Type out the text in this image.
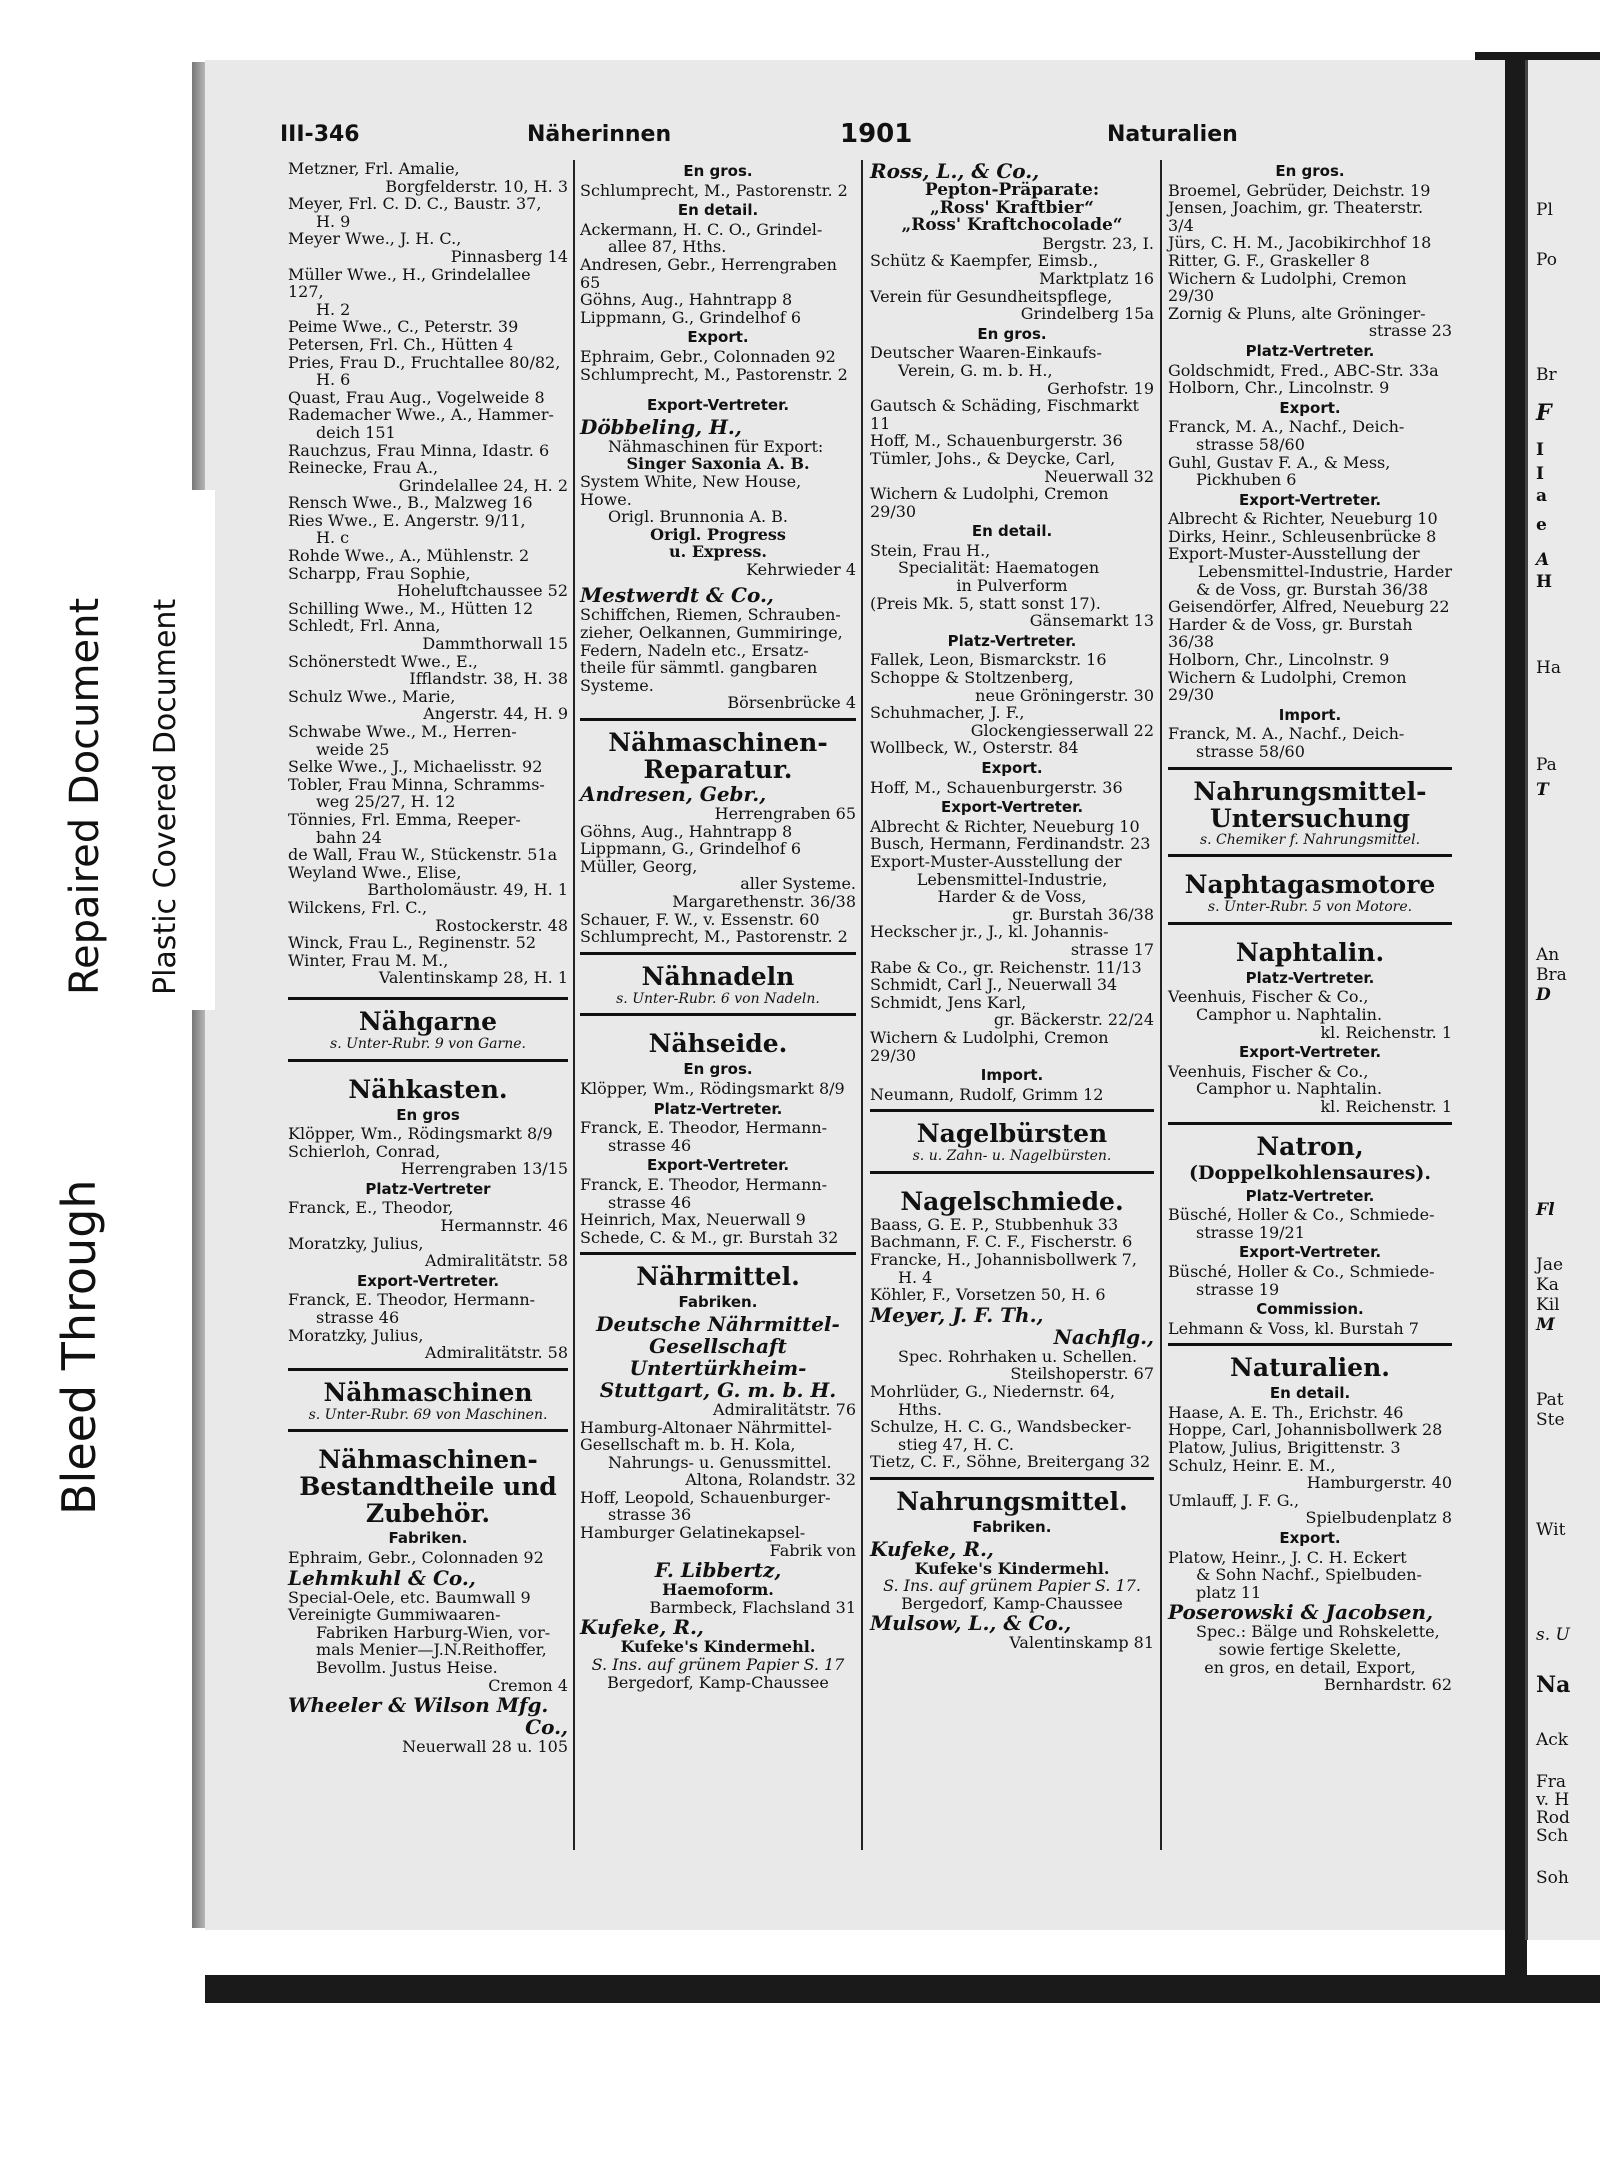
Pl
Po
Br
F
I
I
a
e
A
H
Ha
Pa
T
An
Bra
D
Fl
Jae
Ka
Kil
M
Pat
Ste
Wit
s. U
Na
Ack
Fra
v. H
Rod
Sch
Soh
III-346	Näherinnen	1901	Naturalien
Bleed Through
Repaired Document Plastic Covered Document
Metzner, Frl. Amalie,
Borgfelderstr. 10, H. 3
Meyer, Frl. C. D. C., Baustr. 37,
H. 9
Meyer Wwe., J. H. C.,
Pinnasberg 14
Müller Wwe., H., Grindelallee 127,
H. 2
Peime Wwe., C., Peterstr. 39
Petersen, Frl. Ch., Hütten 4
Pries, Frau D., Fruchtallee 80/82,
H. 6
Quast, Frau Aug., Vogelweide 8
Rademacher Wwe., A., Hammer-
deich 151
Rauchzus, Frau Minna, Idastr. 6
Reinecke, Frau A.,
Grindelallee 24, H. 2
Rensch Wwe., B., Malzweg 16
Ries Wwe., E. Angerstr. 9/11,
H. c
Rohde Wwe., A., Mühlenstr. 2
Scharpp, Frau Sophie,
Hoheluftchaussee 52
Schilling Wwe., M., Hütten 12
Schledt, Frl. Anna,
Dammthorwall 15
Schönerstedt Wwe., E.,
Ifflandstr. 38, H. 38
Schulz Wwe., Marie,
Angerstr. 44, H. 9
Schwabe Wwe., M., Herren-
weide 25
Selke Wwe., J., Michaelisstr. 92
Tobler, Frau Minna, Schramms-
weg 25/27, H. 12
Tönnies, Frl. Emma, Reeper-
bahn 24
de Wall, Frau W., Stückenstr. 51a
Weyland Wwe., Elise,
Bartholomäustr. 49, H. 1
Wilckens, Frl. C.,
Rostockerstr. 48
Winck, Frau L., Reginenstr. 52
Winter, Frau M. M.,
Valentinskamp 28, H. 1
Nähgarne
s. Unter-Rubr. 9 von Garne.
Nähkasten.
En gros
Klöpper, Wm., Rödingsmarkt 8/9
Schierloh, Conrad,
Herrengraben 13/15
Platz-Vertreter
Franck, E., Theodor,
Hermannstr. 46
Moratzky, Julius,
Admiralitätstr. 58
Export-Vertreter.
Franck, E. Theodor, Hermann-
strasse 46
Moratzky, Julius,
Admiralitätstr. 58
Nähmaschinen
s. Unter-Rubr. 69 von Maschinen.
Nähmaschinen-
Bestandtheile und
Zubehör.
Fabriken.
Ephraim, Gebr., Colonnaden 92
Lehmkuhl & Co.,
Special-Oele, etc. Baumwall 9
Vereinigte Gummiwaaren-
Fabriken Harburg-Wien, vor-
mals Menier—J.N.Reithoffer,
Bevollm. Justus Heise.
Cremon 4
Wheeler & Wilson Mfg.
Co.,
Neuerwall 28 u. 105
En gros.
Schlumprecht, M., Pastorenstr. 2
En detail.
Ackermann, H. C. O., Grindel-
allee 87, Hths.
Andresen, Gebr., Herrengraben 65
Göhns, Aug., Hahntrapp 8
Lippmann, G., Grindelhof 6
Export.
Ephraim, Gebr., Colonnaden 92
Schlumprecht, M., Pastorenstr. 2
Export-Vertreter.
Döbbeling, H.,
Nähmaschinen für Export:
Singer Saxonia A. B.
System White, New House, Howe.
Origl. Brunnonia A. B.
Origl. Progress
u. Express.
Kehrwieder 4
Mestwerdt & Co.,
Schiffchen, Riemen, Schrauben-
zieher, Oelkannen, Gummiringe,
Federn, Nadeln etc., Ersatz-
theile für sämmtl. gangbaren
Systeme.
Börsenbrücke 4
Nähmaschinen-
Reparatur.
Andresen, Gebr.,
Herrengraben 65
Göhns, Aug., Hahntrapp 8
Lippmann, G., Grindelhof 6
Müller, Georg,
aller Systeme.
Margarethenstr. 36/38
Schauer, F. W., v. Essenstr. 60
Schlumprecht, M., Pastorenstr. 2
Nähnadeln
s. Unter-Rubr. 6 von Nadeln.
Nähseide.
En gros.
Klöpper, Wm., Rödingsmarkt 8/9
Platz-Vertreter.
Franck, E. Theodor, Hermann-
strasse 46
Export-Vertreter.
Franck, E. Theodor, Hermann-
strasse 46
Heinrich, Max, Neuerwall 9
Schede, C. & M., gr. Burstah 32
Nährmittel.
Fabriken.
Deutsche Nährmittel-
Gesellschaft
Untertürkheim-
Stuttgart, G. m. b. H.
Admiralitätstr. 76
Hamburg-Altonaer Nährmittel-
Gesellschaft m. b. H. Kola,
Nahrungs- u. Genussmittel.
Altona, Rolandstr. 32
Hoff, Leopold, Schauenburger-
strasse 36
Hamburger Gelatinekapsel-
Fabrik von
F. Libbertz,
Haemoform.
Barmbeck, Flachsland 31
Kufeke, R.,
Kufeke's Kindermehl.
S. Ins. auf grünem Papier S. 17
Bergedorf, Kamp-Chaussee
Ross, L., & Co.,
Pepton-Präparate:
„Ross' Kraftbier“
„Ross' Kraftchocolade“
Bergstr. 23, I.
Schütz & Kaempfer, Eimsb.,
Marktplatz 16
Verein für Gesundheitspflege,
Grindelberg 15a
En gros.
Deutscher Waaren-Einkaufs-
Verein, G. m. b. H.,
Gerhofstr. 19
Gautsch & Schäding, Fischmarkt 11
Hoff, M., Schauenburgerstr. 36
Tümler, Johs., & Deycke, Carl,
Neuerwall 32
Wichern & Ludolphi, Cremon 29/30
En detail.
Stein, Frau H.,
Specialität: Haematogen
in Pulverform
(Preis Mk. 5, statt sonst 17).
Gänsemarkt 13
Platz-Vertreter.
Fallek, Leon, Bismarckstr. 16
Schoppe & Stoltzenberg,
neue Gröningerstr. 30
Schuhmacher, J. F.,
Glockengiesserwall 22
Wollbeck, W., Osterstr. 84
Export.
Hoff, M., Schauenburgerstr. 36
Export-Vertreter.
Albrecht & Richter, Neueburg 10
Busch, Hermann, Ferdinandstr. 23
Export-Muster-Ausstellung der
Lebensmittel-Industrie,
Harder & de Voss,
gr. Burstah 36/38
Heckscher jr., J., kl. Johannis-
strasse 17
Rabe & Co., gr. Reichenstr. 11/13
Schmidt, Carl J., Neuerwall 34
Schmidt, Jens Karl,
gr. Bäckerstr. 22/24
Wichern & Ludolphi, Cremon 29/30
Import.
Neumann, Rudolf, Grimm 12
Nagelbürsten
s. u. Zahn- u. Nagelbürsten.
Nagelschmiede.
Baass, G. E. P., Stubbenhuk 33
Bachmann, F. C. F., Fischerstr. 6
Francke, H., Johannisbollwerk 7,
H. 4
Köhler, F., Vorsetzen 50, H. 6
Meyer, J. F. Th.,
Nachflg.,
Spec. Rohrhaken u. Schellen.
Steilshoperstr. 67
Mohrlüder, G., Niedernstr. 64,
Hths.
Schulze, H. C. G., Wandsbecker-
stieg 47, H. C.
Tietz, C. F., Söhne, Breitergang 32
Nahrungsmittel.
Fabriken.
Kufeke, R.,
Kufeke's Kindermehl.
S. Ins. auf grünem Papier S. 17.
Bergedorf, Kamp-Chaussee
Mulsow, L., & Co.,
Valentinskamp 81
En gros.
Broemel, Gebrüder, Deichstr. 19
Jensen, Joachim, gr. Theaterstr. 3/4
Jürs, C. H. M., Jacobikirchhof 18
Ritter, G. F., Graskeller 8
Wichern & Ludolphi, Cremon 29/30
Zornig & Pluns, alte Gröninger-
strasse 23
Platz-Vertreter.
Goldschmidt, Fred., ABC-Str. 33a
Holborn, Chr., Lincolnstr. 9
Export.
Franck, M. A., Nachf., Deich-
strasse 58/60
Guhl, Gustav F. A., & Mess,
Pickhuben 6
Export-Vertreter.
Albrecht & Richter, Neueburg 10
Dirks, Heinr., Schleusenbrücke 8
Export-Muster-Ausstellung der
Lebensmittel-Industrie, Harder
& de Voss, gr. Burstah 36/38
Geisendörfer, Alfred, Neueburg 22
Harder & de Voss, gr. Burstah 36/38
Holborn, Chr., Lincolnstr. 9
Wichern & Ludolphi, Cremon 29/30
Import.
Franck, M. A., Nachf., Deich-
strasse 58/60
Nahrungsmittel-
Untersuchung
s. Chemiker f. Nahrungsmittel.
Naphtagasmotore
s. Unter-Rubr. 5 von Motore.
Naphtalin.
Platz-Vertreter.
Veenhuis, Fischer & Co.,
Camphor u. Naphtalin.
kl. Reichenstr. 1
Export-Vertreter.
Veenhuis, Fischer & Co.,
Camphor u. Naphtalin.
kl. Reichenstr. 1
Natron,
(Doppelkohlensaures).
Platz-Vertreter.
Büsché, Holler & Co., Schmiede-
strasse 19/21
Export-Vertreter.
Büsché, Holler & Co., Schmiede-
strasse 19
Commission.
Lehmann & Voss, kl. Burstah 7
Naturalien.
En detail.
Haase, A. E. Th., Erichstr. 46
Hoppe, Carl, Johannisbollwerk 28
Platow, Julius, Brigittenstr. 3
Schulz, Heinr. E. M.,
Hamburgerstr. 40
Umlauff, J. F. G.,
Spielbudenplatz 8
Export.
Platow, Heinr., J. C. H. Eckert
& Sohn Nachf., Spielbuden-
platz 11
Poserowski & Jacobsen,
Spec.: Bälge und Rohskelette,
sowie fertige Skelette,
en gros, en detail, Export,
Bernhardstr. 62
